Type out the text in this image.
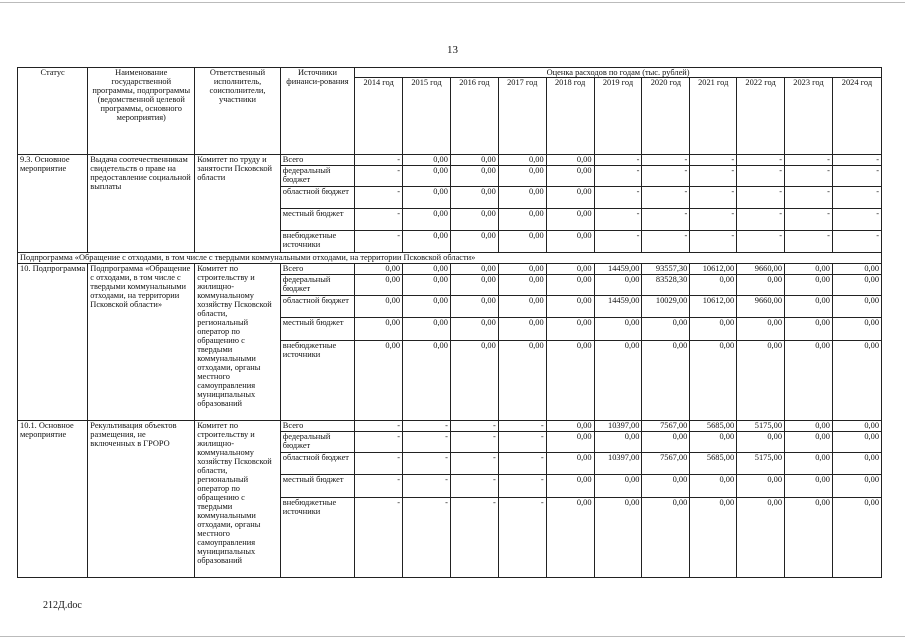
13
Статус	Наименование государственной программы, подпрограммы (ведомственной целевой программы, основного мероприятия)	Ответственный исполнитель, соисполнители, участники	Источники финанси-рования	Оценка расходов по годам (тыс. рублей)										
				2014 год	2015 год	2016 год	2017 год	2018 год	2019 год	2020 год	2021 год	2022 год	2023 год	2024 год
9.3. Основное мероприятие	Выдача соотечественникам свидетельств о праве на предоставление социальной выплаты	Комитет по труду и занятости Псковской области	Всего	-	0,00	0,00	0,00	0,00	-	-	-	-	-	-
			федеральный бюджет	-	0,00	0,00	0,00	0,00	-	-	-	-	-	-
			областной бюджет	-	0,00	0,00	0,00	0,00	-	-	-	-	-	-
			местный бюджет	-	0,00	0,00	0,00	0,00	-	-	-	-	-	-
			внебюджетные источники	-	0,00	0,00	0,00	0,00	-	-	-	-	-	-
Подпрограмма «Обращение с отходами, в том числе с твердыми коммунальными отходами, на территории Псковской области»														
10. Подпрограмма	Подпрограмма «Обращение с отходами, в том числе с твердыми коммунальными отходами, на территории Псковской области»	Комитет по строительству и жилищно-коммунальному хозяйству Псковской области, региональный оператор по обращению с твердыми коммунальными отходами, органы местного самоуправления муниципальных образований	Всего	0,00	0,00	0,00	0,00	0,00	14459,00	93557,30	10612,00	9660,00	0,00	0,00
			федеральный бюджет	0,00	0,00	0,00	0,00	0,00	0,00	83528,30	0,00	0,00	0,00	0,00
			областной бюджет	0,00	0,00	0,00	0,00	0,00	14459,00	10029,00	10612,00	9660,00	0,00	0,00
			местный бюджет	0,00	0,00	0,00	0,00	0,00	0,00	0,00	0,00	0,00	0,00	0,00
			внебюджетные источники	0,00	0,00	0,00	0,00	0,00	0,00	0,00	0,00	0,00	0,00	0,00
10.1. Основное мероприятие	Рекультивация объектов размещения, не включенных в ГРОРО	Комитет по строительству и жилищно-коммунальному хозяйству Псковской области, региональный оператор по обращению с твердыми коммунальными отходами, органы местного самоуправления муниципальных образований	Всего	-	-	-	-	0,00	10397,00	7567,00	5685,00	5175,00	0,00	0,00
			федеральный бюджет	-	-	-	-	0,00	0,00	0,00	0,00	0,00	0,00	0,00
			областной бюджет	-	-	-	-	0,00	10397,00	7567,00	5685,00	5175,00	0,00	0,00
			местный бюджет	-	-	-	-	0,00	0,00	0,00	0,00	0,00	0,00	0,00
			внебюджетные источники	-	-	-	-	0,00	0,00	0,00	0,00	0,00	0,00	0,00
212Д.doc
